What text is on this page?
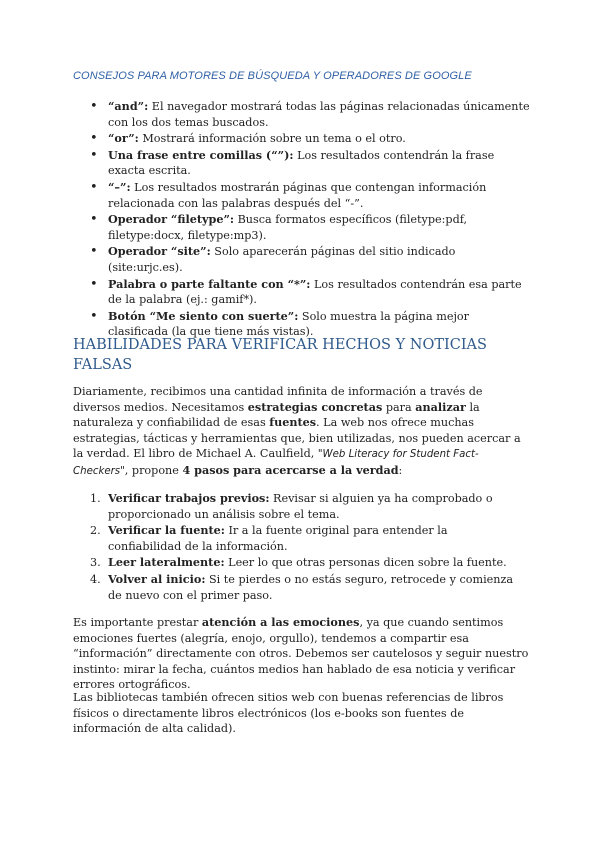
CONSEJOS PARA MOTORES DE BÚSQUEDA Y OPERADORES DE GOOGLE
• “and”: El navegador mostrará todas las páginas relacionadas únicamente con los dos temas buscados.
• “or”: Mostrará información sobre un tema o el otro.
• Una frase entre comillas (“”): Los resultados contendrán la frase exacta escrita.
• “–”: Los resultados mostrarán páginas que contengan información relacionada con las palabras después del “-”.
• Operador “filetype”: Busca formatos específicos (filetype:pdf, filetype:docx, filetype:mp3).
• Operador “site”: Solo aparecerán páginas del sitio indicado (site:urjc.es).
• Palabra o parte faltante con “*”: Los resultados contendrán esa parte de la palabra (ej.: gamif*).
• Botón “Me siento con suerte”: Solo muestra la página mejor clasificada (la que tiene más vistas).
HABILIDADES PARA VERIFICAR HECHOS Y NOTICIAS FALSAS

Diariamente, recibimos una cantidad infinita de información a través de diversos medios. Necesitamos estrategias concretas para analizar la naturaleza y confiabilidad de esas fuentes. La web nos ofrece muchas estrategias, tácticas y herramientas que, bien utilizadas, nos pueden acercar a la verdad. El libro de Michael A. Caulfield, "Web Literacy for Student Fact-Checkers", propone 4 pasos para acercarse a la verdad:

1. Verificar trabajos previos: Revisar si alguien ya ha comprobado o proporcionado un análisis sobre el tema.
2. Verificar la fuente: Ir a la fuente original para entender la confiabilidad de la información.
3. Leer lateralmente: Leer lo que otras personas dicen sobre la fuente.
4. Volver al inicio: Si te pierdes o no estás seguro, retrocede y comienza de nuevo con el primer paso.

Es importante prestar atención a las emociones, ya que cuando sentimos emociones fuertes (alegría, enojo, orgullo), tendemos a compartir esa “información” directamente con otros. Debemos ser cautelosos y seguir nuestro instinto: mirar la fecha, cuántos medios han hablado de esa noticia y verificar errores ortográficos.

Las bibliotecas también ofrecen sitios web con buenas referencias de libros físicos o directamente libros electrónicos (los e-books son fuentes de información de alta calidad).
